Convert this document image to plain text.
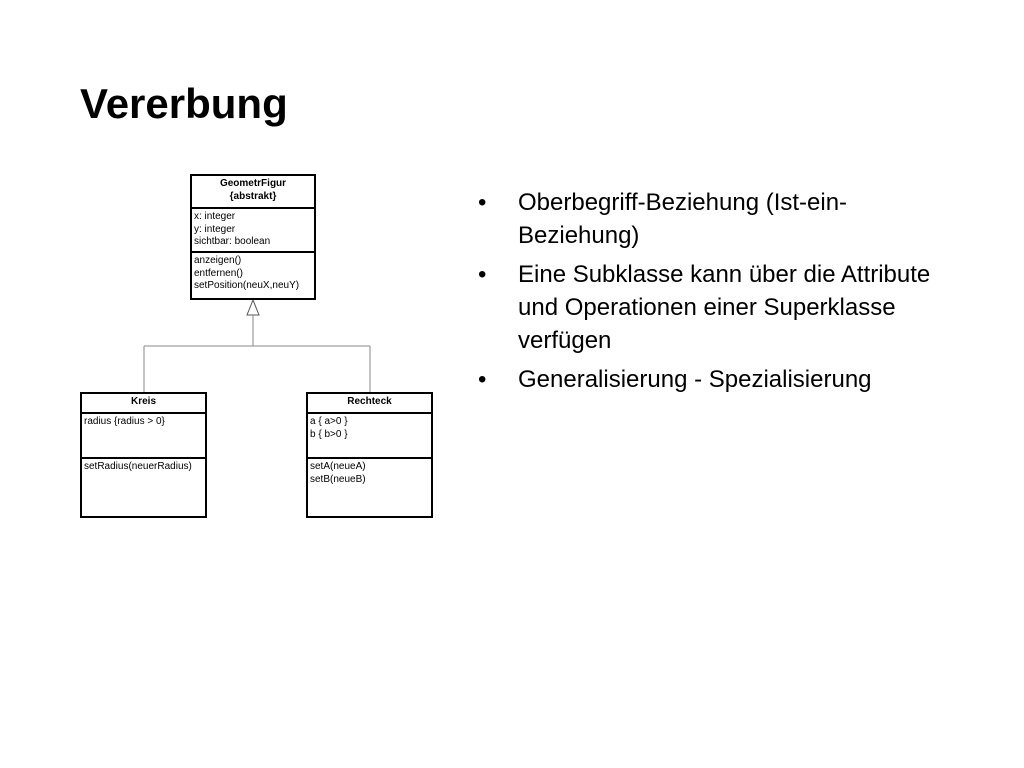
Vererbung
GeometrFigur
{abstrakt}
x: integer
y: integer
sichtbar: boolean
anzeigen()
entfernen()
setPosition(neuX,neuY)
Kreis
radius {radius > 0}
setRadius(neuerRadius)
Rechteck
a { a>0 }
b { b>0 }
setA(neueA)
setB(neueB)
• Oberbegriff-Beziehung (Ist-ein-Beziehung)
• Eine Subklasse kann über die Attribute und Operationen einer Superklasse verfügen
• Generalisierung - Spezialisierung
